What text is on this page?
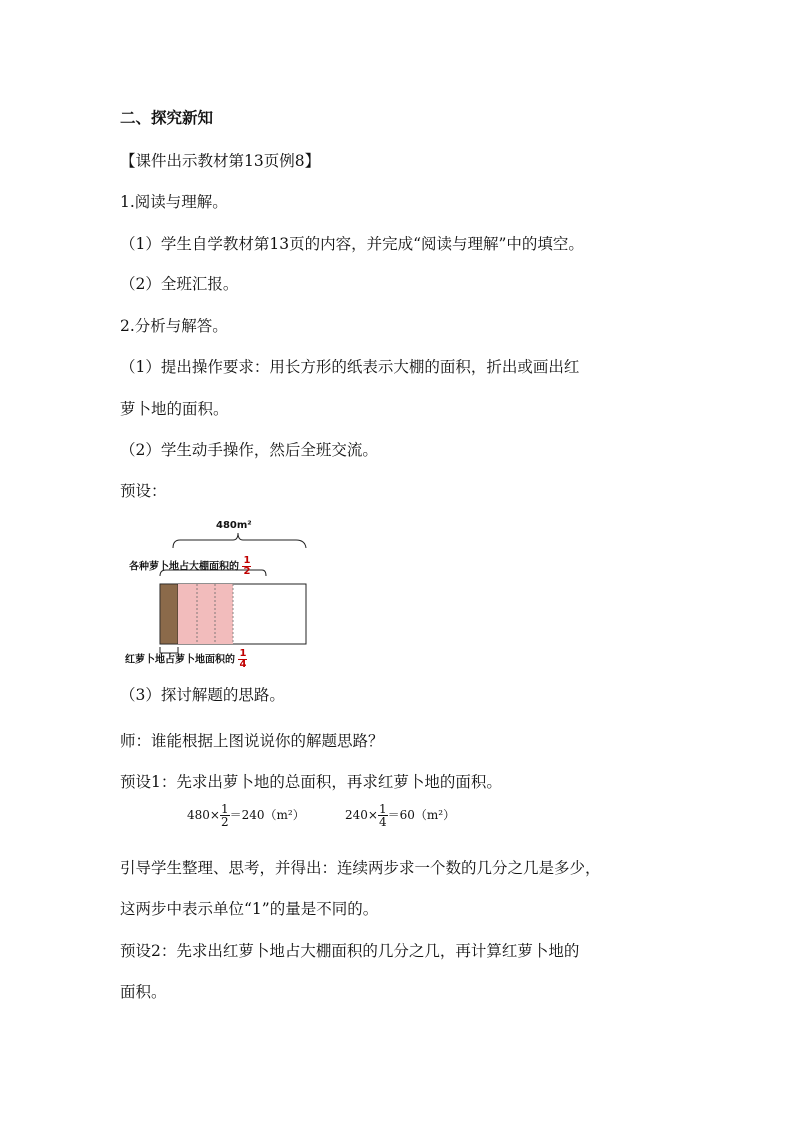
二、探究新知
【课件出示教材第13页例8】
1.阅读与理解。
（1）学生自学教材第13页的内容，并完成“阅读与理解”中的填空。
（2）全班汇报。
2.分析与解答。
（1）提出操作要求：用长方形的纸表示大棚的面积，折出或画出红
萝卜地的面积。
（2）学生动手操作，然后全班交流。
预设：
480m²
各种萝卜地占大棚面积的 $\frac{1}{2}$
红萝卜地占萝卜地面积的 $\frac{1}{4}$
（3）探讨解题的思路。
师：谁能根据上图说说你的解题思路？
预设1：先求出萝卜地的总面积，再求红萝卜地的面积。
$480\times \frac{1}{2} =240(m^2)$	$240\times \frac{1}{4} =60(m^2)$
引导学生整理、思考，并得出：连续两步求一个数的几分之几是多少，
这两步中表示单位“1”的量是不同的。
预设2：先求出红萝卜地占大棚面积的几分之几，再计算红萝卜地的
面积。
